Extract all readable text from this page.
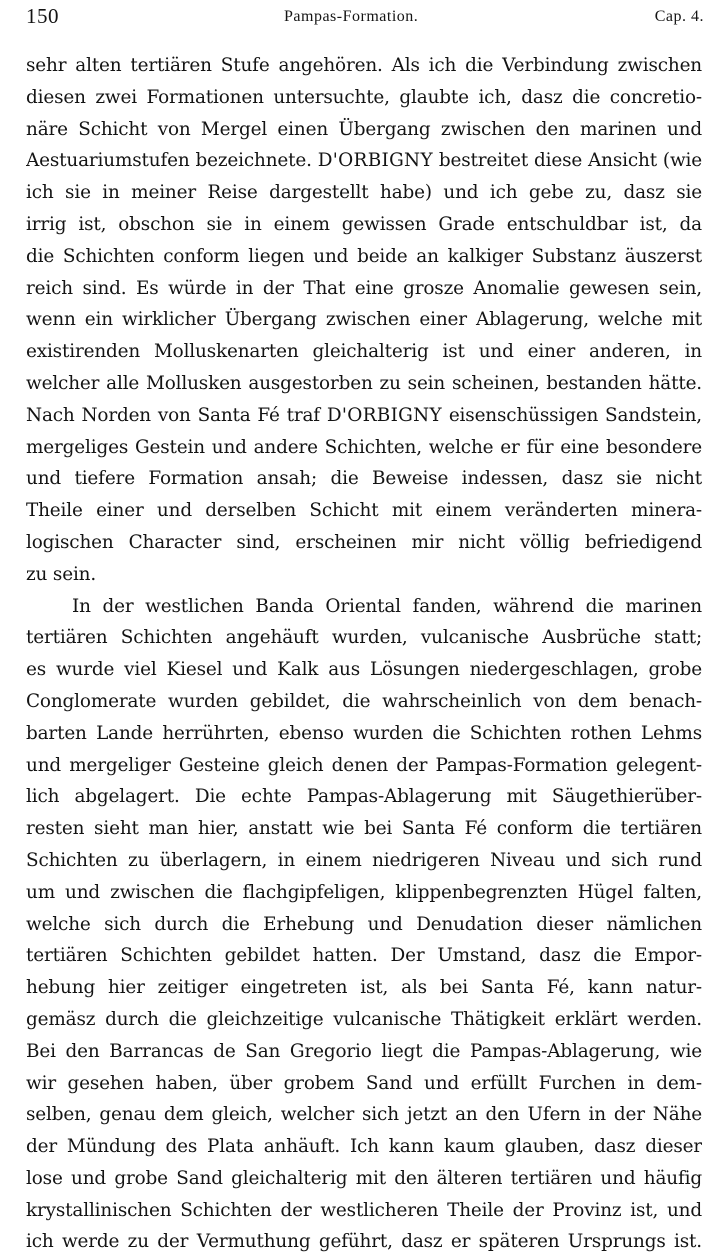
150	Pampas-Formation.	Cap. 4.
sehr alten tertiären Stufe angehören. Als ich die Verbindung zwischen
diesen zwei Formationen untersuchte, glaubte ich, dasz die concretio-
näre Schicht von Mergel einen Übergang zwischen den marinen und
Aestuariumstufen bezeichnete. D'ORBIGNY bestreitet diese Ansicht (wie
ich sie in meiner Reise dargestellt habe) und ich gebe zu, dasz sie
irrig ist, obschon sie in einem gewissen Grade entschuldbar ist, da
die Schichten conform liegen und beide an kalkiger Substanz äuszerst
reich sind. Es würde in der That eine grosze Anomalie gewesen sein,
wenn ein wirklicher Übergang zwischen einer Ablagerung, welche mit
existirenden Molluskenarten gleichalterig ist und einer anderen, in
welcher alle Mollusken ausgestorben zu sein scheinen, bestanden hätte.
Nach Norden von Santa Fé traf D'ORBIGNY eisenschüssigen Sandstein,
mergeliges Gestein und andere Schichten, welche er für eine besondere
und tiefere Formation ansah; die Beweise indessen, dasz sie nicht
Theile einer und derselben Schicht mit einem veränderten minera-
logischen Character sind, erscheinen mir nicht völlig befriedigend
zu sein.
In der westlichen Banda Oriental fanden, während die marinen
tertiären Schichten angehäuft wurden, vulcanische Ausbrüche statt;
es wurde viel Kiesel und Kalk aus Lösungen niedergeschlagen, grobe
Conglomerate wurden gebildet, die wahrscheinlich von dem benach-
barten Lande herrührten, ebenso wurden die Schichten rothen Lehms
und mergeliger Gesteine gleich denen der Pampas-Formation gelegent-
lich abgelagert. Die echte Pampas-Ablagerung mit Säugethierüber-
resten sieht man hier, anstatt wie bei Santa Fé conform die tertiären
Schichten zu überlagern, in einem niedrigeren Niveau und sich rund
um und zwischen die flachgipfeligen, klippenbegrenzten Hügel falten,
welche sich durch die Erhebung und Denudation dieser nämlichen
tertiären Schichten gebildet hatten. Der Umstand, dasz die Empor-
hebung hier zeitiger eingetreten ist, als bei Santa Fé, kann natur-
gemäsz durch die gleichzeitige vulcanische Thätigkeit erklärt werden.
Bei den Barrancas de San Gregorio liegt die Pampas-Ablagerung, wie
wir gesehen haben, über grobem Sand und erfüllt Furchen in dem-
selben, genau dem gleich, welcher sich jetzt an den Ufern in der Nähe
der Mündung des Plata anhäuft. Ich kann kaum glauben, dasz dieser
lose und grobe Sand gleichalterig mit den älteren tertiären und häufig
krystallinischen Schichten der westlicheren Theile der Provinz ist, und
ich werde zu der Vermuthung geführt, dasz er späteren Ursprungs ist.
